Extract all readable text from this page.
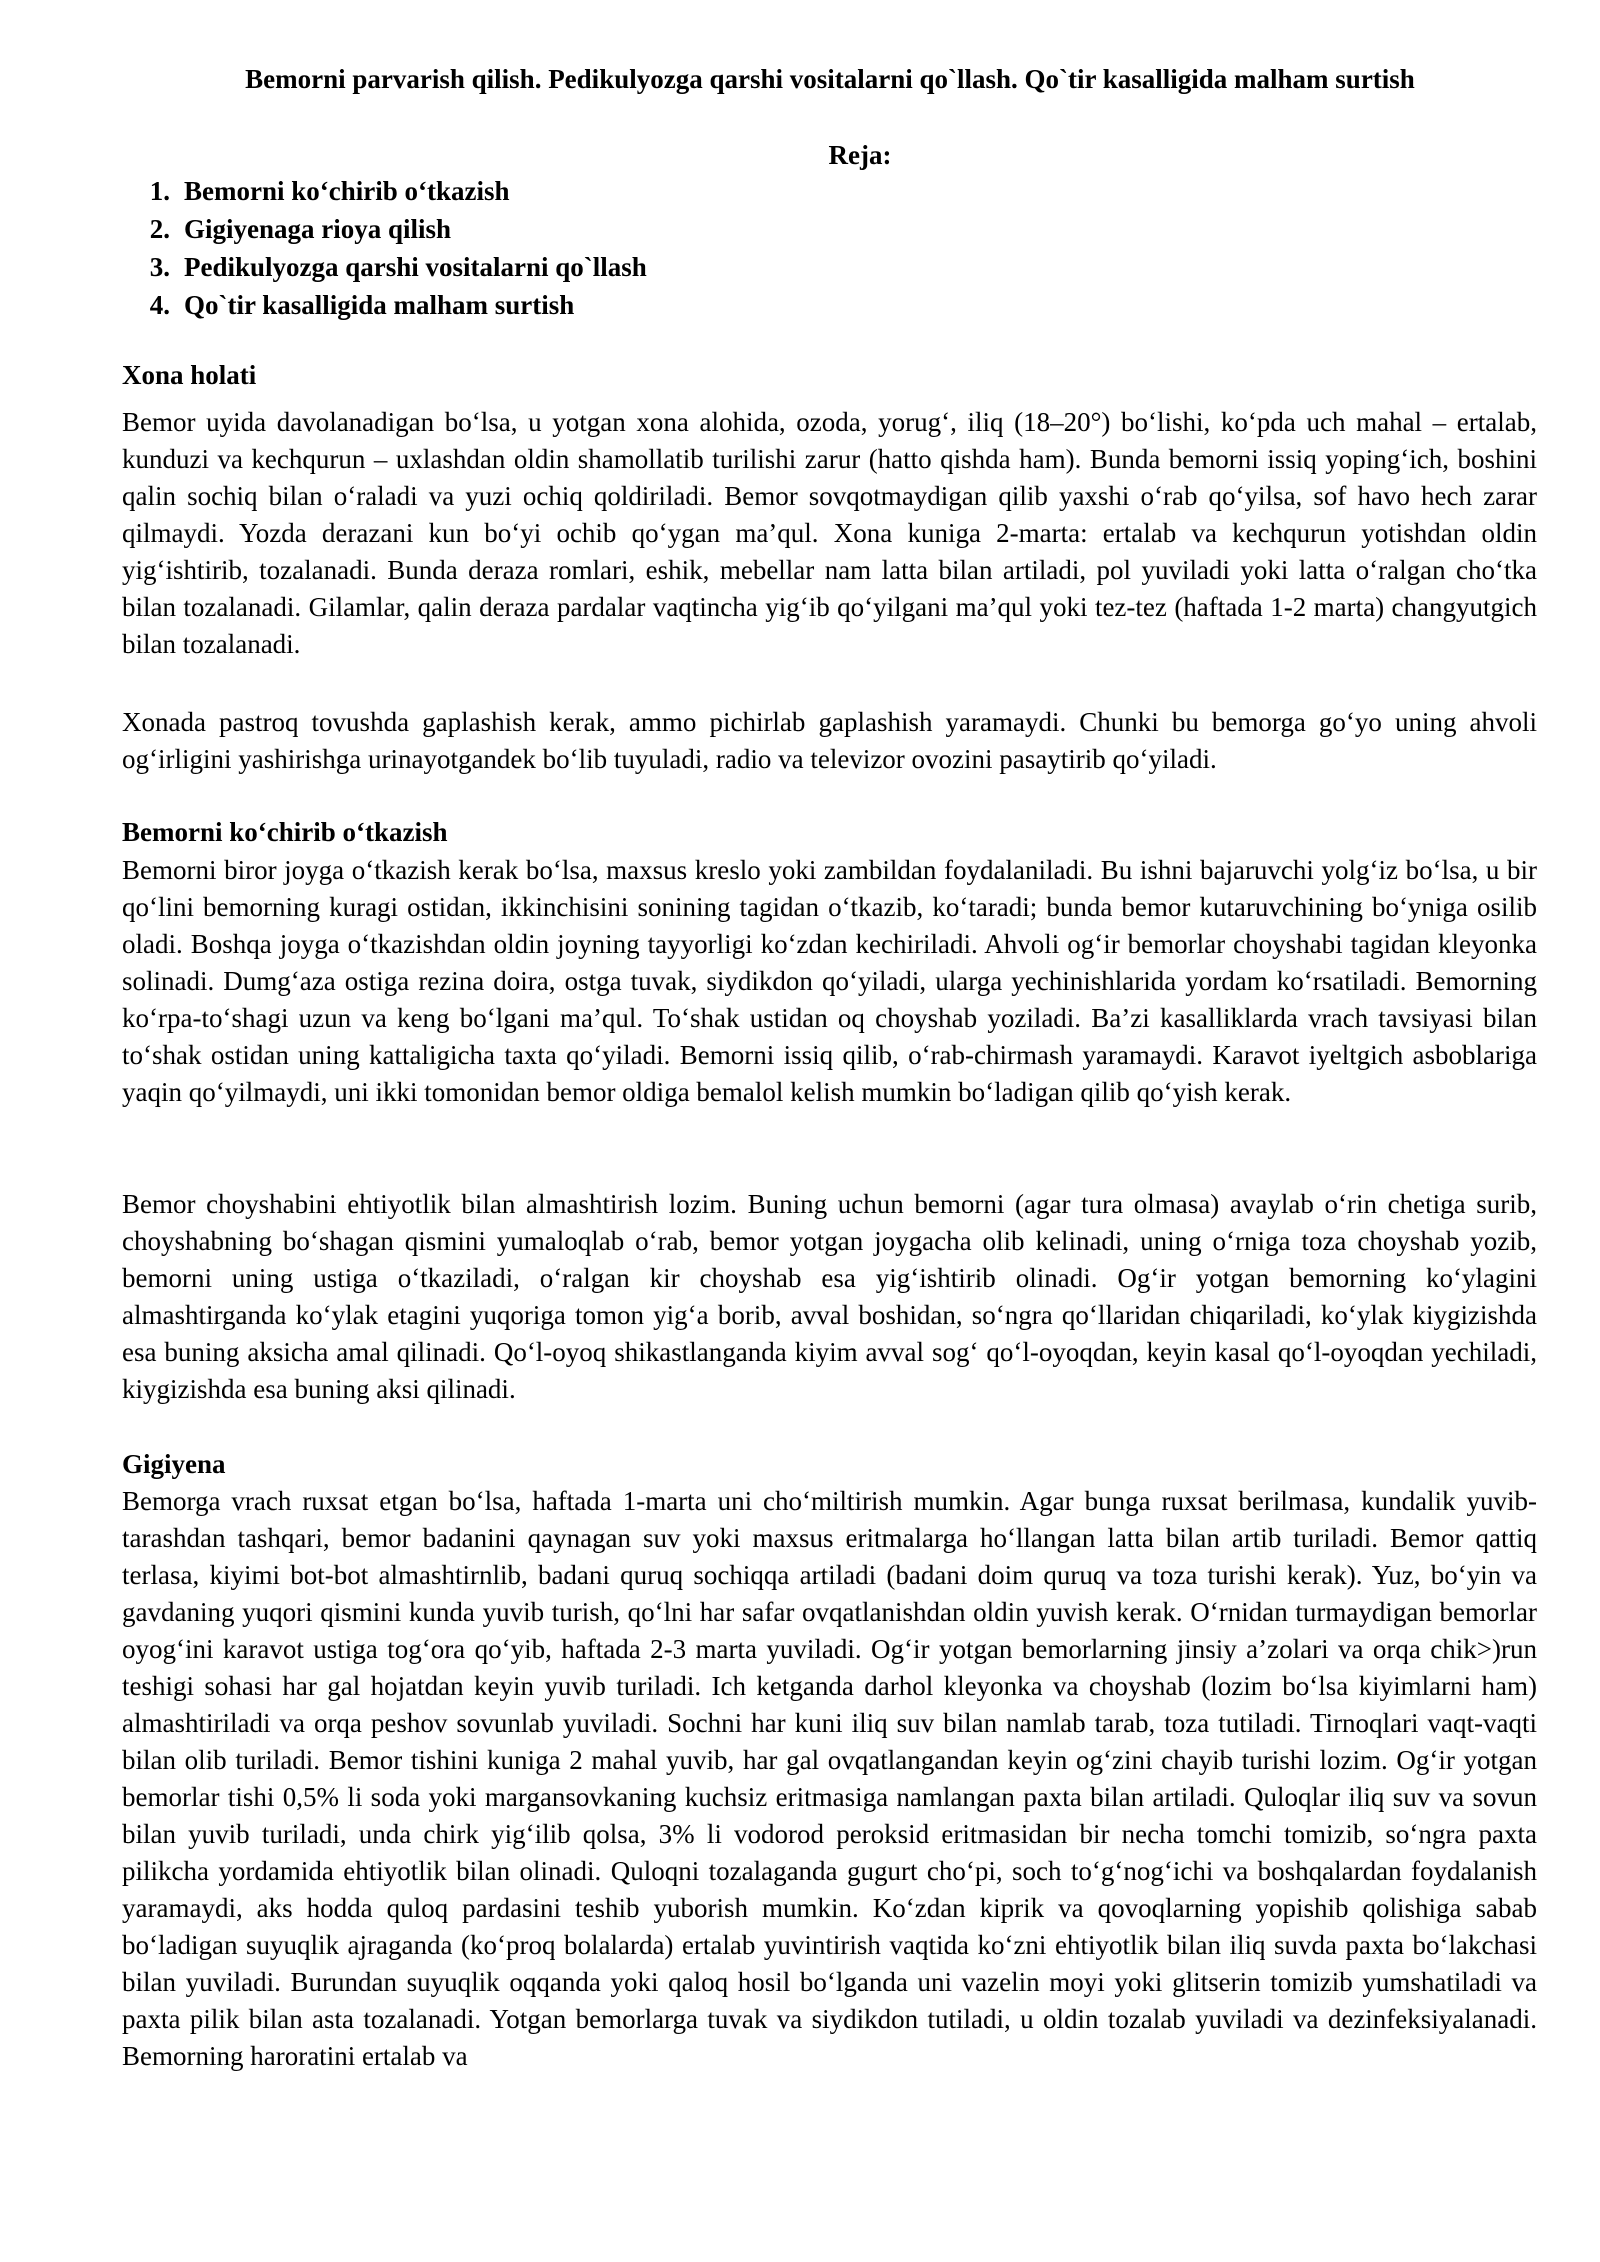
Bemorni parvarish qilish. Pedikulyozga qarshi vositalarni qo`llash. Qo`tir kasalligida malham surtish
Reja:
1. Bemorni ko‘chirib o‘tkazish
2. Gigiyenaga rioya qilish
3. Pedikulyozga qarshi vositalarni qo`llash
4. Qo`tir kasalligida malham surtish
Xona holati

Bemor uyida davolanadigan bo‘lsa, u yotgan xona alohida, ozoda, yorug‘, iliq (18–20°) bo‘lishi, ko‘pda uch mahal – ertalab, kunduzi va kechqurun – uxlashdan oldin shamollatib turilishi zarur (hatto qishda ham). Bunda bemorni issiq yoping‘ich, boshini qalin sochiq bilan o‘raladi va yuzi ochiq qoldiriladi. Bemor sovqotmaydigan qilib yaxshi o‘rab qo‘yilsa, sof havo hech zarar qilmaydi. Yozda derazani kun bo‘yi ochib qo‘ygan ma’qul. Xona kuniga 2-marta: ertalab va kechqurun yotishdan oldin yig‘ishtirib, tozalanadi. Bunda deraza romlari, eshik, mebellar nam latta bilan artiladi, pol yuviladi yoki latta o‘ralgan cho‘tka bilan tozalanadi. Gilamlar, qalin deraza pardalar vaqtincha yig‘ib qo‘yilgani ma’qul yoki tez-tez (haftada 1-2 marta) changyutgich bilan tozalanadi.

Xonada pastroq tovushda gaplashish kerak, ammo pichirlab gaplashish yaramaydi. Chunki bu bemorga go‘yo uning ahvoli og‘irligini yashirishga urinayotgandek bo‘lib tuyuladi, radio va televizor ovozini pasaytirib qo‘yiladi.

Bemorni ko‘chirib o‘tkazish

Bemorni biror joyga o‘tkazish kerak bo‘lsa, maxsus kreslo yoki zambildan foydalaniladi. Bu ishni bajaruvchi yolg‘iz bo‘lsa, u bir qo‘lini bemorning kuragi ostidan, ikkinchisini sonining tagidan o‘tkazib, ko‘taradi; bunda bemor kutaruvchining bo‘yniga osilib oladi. Boshqa joyga o‘tkazishdan oldin joyning tayyorligi ko‘zdan kechiriladi. Ahvoli og‘ir bemorlar choyshabi tagidan kleyonka solinadi. Dumg‘aza ostiga rezina doira, ostga tuvak, siydikdon qo‘yiladi, ularga yechinishlarida yordam ko‘rsatiladi. Bemorning ko‘rpa-to‘shagi uzun va keng bo‘lgani ma’qul. To‘shak ustidan oq choyshab yoziladi. Ba’zi kasalliklarda vrach tavsiyasi bilan to‘shak ostidan uning kattaligicha taxta qo‘yiladi. Bemorni issiq qilib, o‘rab-chirmash yaramaydi. Karavot iyeltgich asboblariga yaqin qo‘yilmaydi, uni ikki tomonidan bemor oldiga bemalol kelish mumkin bo‘ladigan qilib qo‘yish kerak.

Bemor choyshabini ehtiyotlik bilan almashtirish lozim. Buning uchun bemorni (agar tura olmasa) avaylab o‘rin chetiga surib, choyshabning bo‘shagan qismini yumaloqlab o‘rab, bemor yotgan joygacha olib kelinadi, uning o‘rniga toza choyshab yozib, bemorni uning ustiga o‘tkaziladi, o‘ralgan kir choyshab esa yig‘ishtirib olinadi. Og‘ir yotgan bemorning ko‘ylagini almashtirganda ko‘ylak etagini yuqoriga tomon yig‘a borib, avval boshidan, so‘ngra qo‘llaridan chiqariladi, ko‘ylak kiygizishda esa buning aksicha amal qilinadi. Qo‘l-oyoq shikastlanganda kiyim avval sog‘ qo‘l-oyoqdan, keyin kasal qo‘l-oyoqdan yechiladi, kiygizishda esa buning aksi qilinadi.

Gigiyena

Bemorga vrach ruxsat etgan bo‘lsa, haftada 1-marta uni cho‘miltirish mumkin. Agar bunga ruxsat berilmasa, kundalik yuvib-tarashdan tashqari, bemor badanini qaynagan suv yoki maxsus eritmalarga ho‘llangan latta bilan artib turiladi. Bemor qattiq terlasa, kiyimi bot-bot almashtirnlib, badani quruq sochiqqa artiladi (badani doim quruq va toza turishi kerak). Yuz, bo‘yin va gavdaning yuqori qismini kunda yuvib turish, qo‘lni har safar ovqatlanishdan oldin yuvish kerak. O‘rnidan turmaydigan bemorlar oyog‘ini karavot ustiga tog‘ora qo‘yib, haftada 2-3 marta yuviladi. Og‘ir yotgan bemorlarning jinsiy a’zolari va orqa chik>)run teshigi sohasi har gal hojatdan keyin yuvib turiladi. Ich ketganda darhol kleyonka va choyshab (lozim bo‘lsa kiyimlarni ham) almashtiriladi va orqa peshov sovunlab yuviladi. Sochni har kuni iliq suv bilan namlab tarab, toza tutiladi. Tirnoqlari vaqt-vaqti bilan olib turiladi. Bemor tishini kuniga 2 mahal yuvib, har gal ovqatlangandan keyin og‘zini chayib turishi lozim. Og‘ir yotgan bemorlar tishi 0,5% li soda yoki margansovkaning kuchsiz eritmasiga namlangan paxta bilan artiladi. Quloqlar iliq suv va sovun bilan yuvib turiladi, unda chirk yig‘ilib qolsa, 3% li vodorod peroksid eritmasidan bir necha tomchi tomizib, so‘ngra paxta pilikcha yordamida ehtiyotlik bilan olinadi. Quloqni tozalaganda gugurt cho‘pi, soch to‘g‘nog‘ichi va boshqalardan foydalanish yaramaydi, aks hodda quloq pardasini teshib yuborish mumkin. Ko‘zdan kiprik va qovoqlarning yopishib qolishiga sabab bo‘ladigan suyuqlik ajraganda (ko‘proq bolalarda) ertalab yuvintirish vaqtida ko‘zni ehtiyotlik bilan iliq suvda paxta bo‘lakchasi bilan yuviladi. Burundan suyuqlik oqqanda yoki qaloq hosil bo‘lganda uni vazelin moyi yoki glitserin tomizib yumshatiladi va paxta pilik bilan asta tozalanadi. Yotgan bemorlarga tuvak va siydikdon tutiladi, u oldin tozalab yuviladi va dezinfeksiyalanadi. Bemorning haroratini ertalab va
